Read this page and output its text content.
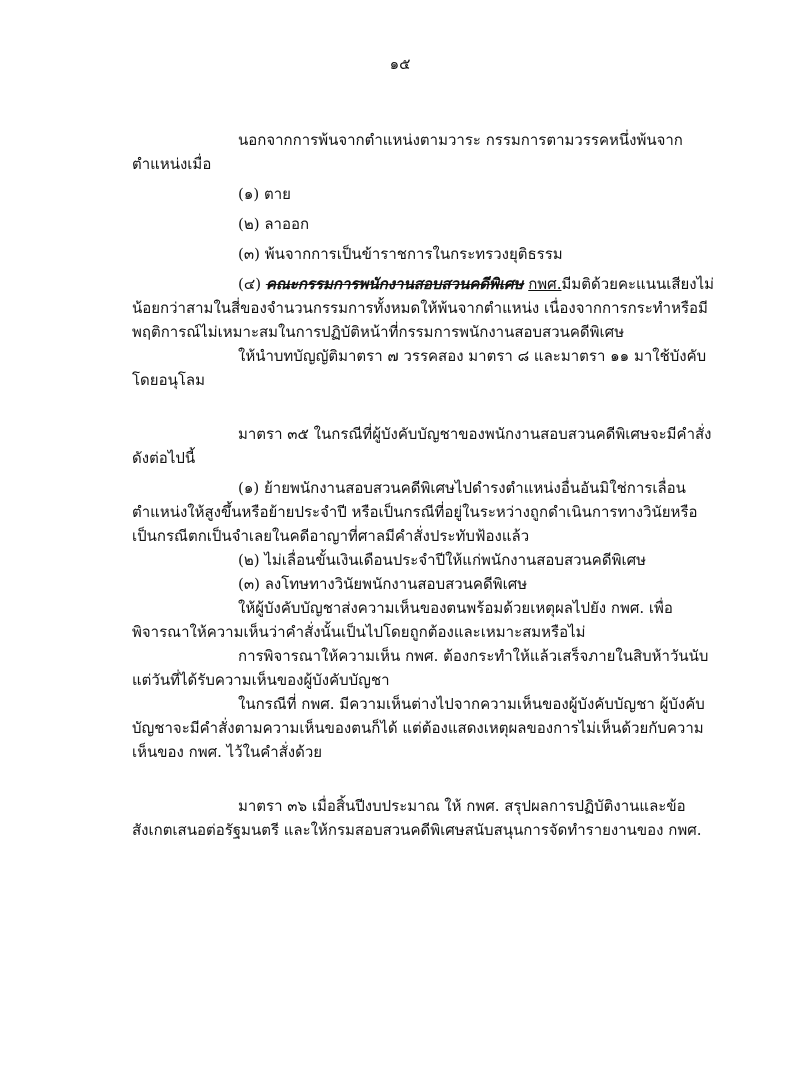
๑๕

นอกจากการพ้นจากตำแหน่งตามวาระ กรรมการตามวรรคหนึ่งพ้นจากตำแหน่งเมื่อ

(๑) ตาย

(๒) ลาออก

(๓) พ้นจากการเป็นข้าราชการในกระทรวงยุติธรรม

(๔) คณะกรรมการพนักงานสอบสวนคดีพิเศษ กพศ.มีมติด้วยคะแนนเสียงไม่น้อยกว่าสามในสี่ของจำนวนกรรมการทั้งหมดให้พ้นจากตำแหน่ง เนื่องจากการกระทำหรือมีพฤติการณ์ไม่เหมาะสมในการปฏิบัติหน้าที่กรรมการพนักงานสอบสวนคดีพิเศษ

ให้นำบทบัญญัติมาตรา ๗ วรรคสอง มาตรา ๘ และมาตรา ๑๑ มาใช้บังคับโดยอนุโลม

มาตรา ๓๕ ในกรณีที่ผู้บังคับบัญชาของพนักงานสอบสวนคดีพิเศษจะมีคำสั่งดังต่อไปนี้

(๑) ย้ายพนักงานสอบสวนคดีพิเศษไปดำรงตำแหน่งอื่นอันมิใช่การเลื่อนตำแหน่งให้สูงขึ้นหรือย้ายประจำปี หรือเป็นกรณีที่อยู่ในระหว่างถูกดำเนินการทางวินัยหรือเป็นกรณีตกเป็นจำเลยในคดีอาญาที่ศาลมีคำสั่งประทับฟ้องแล้ว

(๒) ไม่เลื่อนขั้นเงินเดือนประจำปีให้แก่พนักงานสอบสวนคดีพิเศษ

(๓) ลงโทษทางวินัยพนักงานสอบสวนคดีพิเศษ

ให้ผู้บังคับบัญชาส่งความเห็นของตนพร้อมด้วยเหตุผลไปยัง กพศ. เพื่อพิจารณาให้ความเห็นว่าคำสั่งนั้นเป็นไปโดยถูกต้องและเหมาะสมหรือไม่

การพิจารณาให้ความเห็น กพศ. ต้องกระทำให้แล้วเสร็จภายในสิบห้าวันนับแต่วันที่ได้รับความเห็นของผู้บังคับบัญชา

ในกรณีที่ กพศ. มีความเห็นต่างไปจากความเห็นของผู้บังคับบัญชา ผู้บังคับบัญชาจะมีคำสั่งตามความเห็นของตนก็ได้ แต่ต้องแสดงเหตุผลของการไม่เห็นด้วยกับความเห็นของ กพศ. ไว้ในคำสั่งด้วย

มาตรา ๓๖ เมื่อสิ้นปีงบประมาณ ให้ กพศ. สรุปผลการปฏิบัติงานและข้อสังเกตเสนอต่อรัฐมนตรี และให้กรมสอบสวนคดีพิเศษสนับสนุนการจัดทำรายงานของ กพศ.
